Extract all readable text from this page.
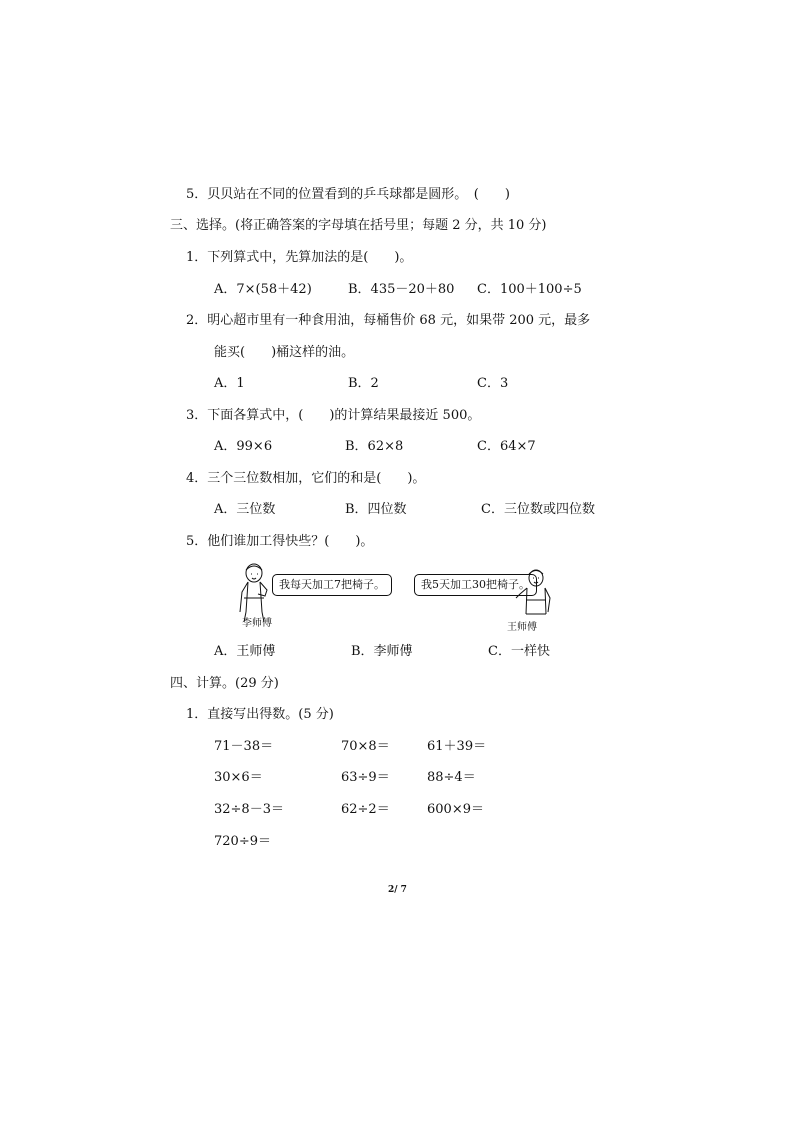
5．贝贝站在不同的位置看到的乒乓球都是圆形。　(　　)
三、选择。(将正确答案的字母填在括号里；每题 2 分，共 10 分)
1．下列算式中，先算加法的是(　　)。
A．7×(58＋42)	B．435－20＋80 C．100＋100÷5
2．明心超市里有一种食用油，每桶售价 68 元，如果带 200 元，最多
能买(　　)桶这样的油。
A．1	B．2	C．3
3．下面各算式中，(　　)的计算结果最接近 500。
A．99×6	B．62×8	C．64×7
4．三个三位数相加，它们的和是(　　)。
A．三位数	B．四位数	C．三位数或四位数
5．他们谁加工得快些？(　　)。
我每天加工7把椅子。
李师傅
我5天加工30把椅子。
王师傅
A．王师傅	B．李师傅	C．一样快
四、计算。(29 分)
1．直接写出得数。(5 分)
71－38＝	70×8＝	61＋39＝
30×6＝	63÷9＝	88÷4＝
32÷8－3＝	62÷2＝	600×9＝
720÷9＝
2/ 7
